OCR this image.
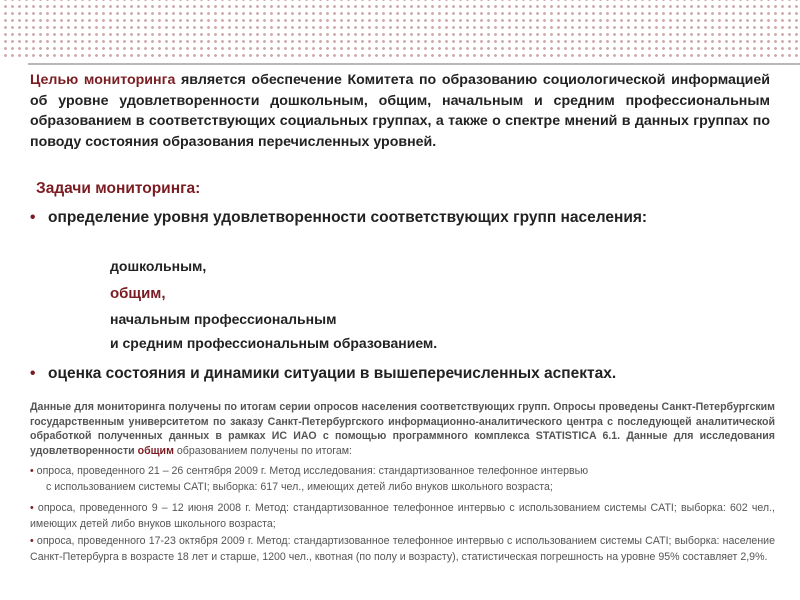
Целью мониторинга является обеспечение Комитета по образованию социологической информацией об уровне удовлетворенности дошкольным, общим, начальным и средним профессиональным образованием в соответствующих социальных группах, а также о спектре мнений в данных группах по поводу состояния образования перечисленных уровней.
Задачи мониторинга:
• определение уровня удовлетворенности соответствующих групп населения:
дошкольным,
общим,
начальным профессиональным
и средним профессиональным образованием.
• оценка состояния и динамики ситуации в вышеперечисленных аспектах.
Данные для мониторинга получены по итогам серии опросов населения соответствующих групп. Опросы проведены Санкт-Петербургским государственным университетом по заказу Санкт-Петербургского информационно-аналитического центра с последующей аналитической обработкой полученных данных в рамках ИС ИАО с помощью программного комплекса STATISTICA 6.1. Данные для исследования удовлетворенности общим образованием получены по итогам:
• опроса, проведенного 21 – 26 сентября 2009 г. Метод исследования: стандартизованное телефонное интервью
с использованием системы CATI; выборка: 617 чел., имеющих детей либо внуков школьного возраста;
• опроса, проведенного 9 – 12 июня 2008 г. Метод: стандартизованное телефонное интервью с использованием системы CATI; выборка: 602 чел., имеющих детей либо внуков школьного возраста;
• опроса, проведенного 17-23 октября 2009 г. Метод: стандартизованное телефонное интервью с использованием системы CATI; выборка: население Санкт-Петербурга в возрасте 18 лет и старше, 1200 чел., квотная (по полу и возрасту), статистическая погрешность на уровне 95% составляет 2,9%.
